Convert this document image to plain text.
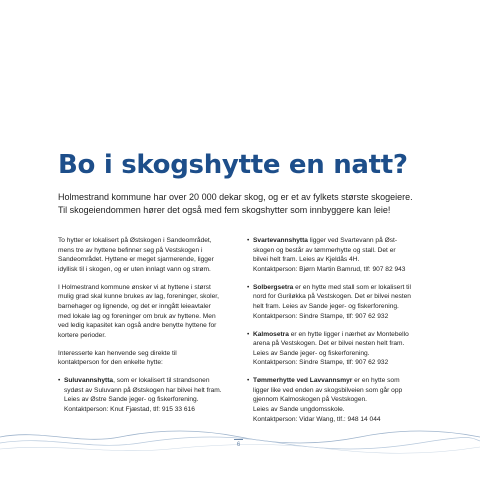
Bo i skogshytte en natt?

Holmestrand kommune har over 20 000 dekar skog, og er et av fylkets største skogeiere.

Til skogeiendommen hører det også med fem skogshytter som innbyggere kan leie!

To hytter er lokalisert på Østskogen i Sandeområdet,
mens tre av hyttene befinner seg på Vestskogen i
Sandeområdet. Hyttene er meget sjarmerende, ligger
idyllisk til i skogen, og er uten innlagt vann og strøm.

I Holmestrand kommune ønsker vi at hyttene i størst
mulig grad skal kunne brukes av lag, foreninger, skoler,
barnehager og lignende, og det er inngått leieavtaler
med lokale lag og foreninger om bruk av hyttene. Men
ved ledig kapasitet kan også andre benytte hyttene for
kortere perioder.

Interesserte kan henvende seg direkte til
kontaktperson for den enkelte hytte:

• Suluvannshytta, som er lokalisert til strandsonen
sydøst av Suluvann på Østskogen har bilvei helt fram.
Leies av Østre Sande jeger- og fiskerforening.
Kontaktperson: Knut Fjæstad, tlf: 915 33 616
• Svartevannshytta ligger ved Svartevann på Øst-
skogen og består av tømmerhytte og stall. Det er
bilvei helt fram. Leies av Kjeldås 4H.
Kontaktperson: Bjørn Martin Bamrud, tlf: 907 82 943
• Solbergsetra er en hytte med stall som er lokalisert til
nord for Guriløkka på Vestskogen. Det er bilvei nesten
helt fram. Leies av Sande jeger- og fiskerforening.
Kontaktperson: Sindre Stampe, tlf: 907 62 932
• Kalmosetra er en hytte ligger i nærhet av Montebello
arena på Vestskogen. Det er bilvei nesten helt fram.
Leies av Sande jeger- og fiskerforening.
Kontaktperson: Sindre Stampe, tlf: 907 62 932
• Tømmerhytte ved Lavvannsmyr er en hytte som
ligger like ved enden av skogsbilveien som går opp
gjennom Kalmoskogen på Vestskogen.
Leies av Sande ungdomsskole.
Kontaktperson: Vidar Wang, tlf.: 948 14 044
6
